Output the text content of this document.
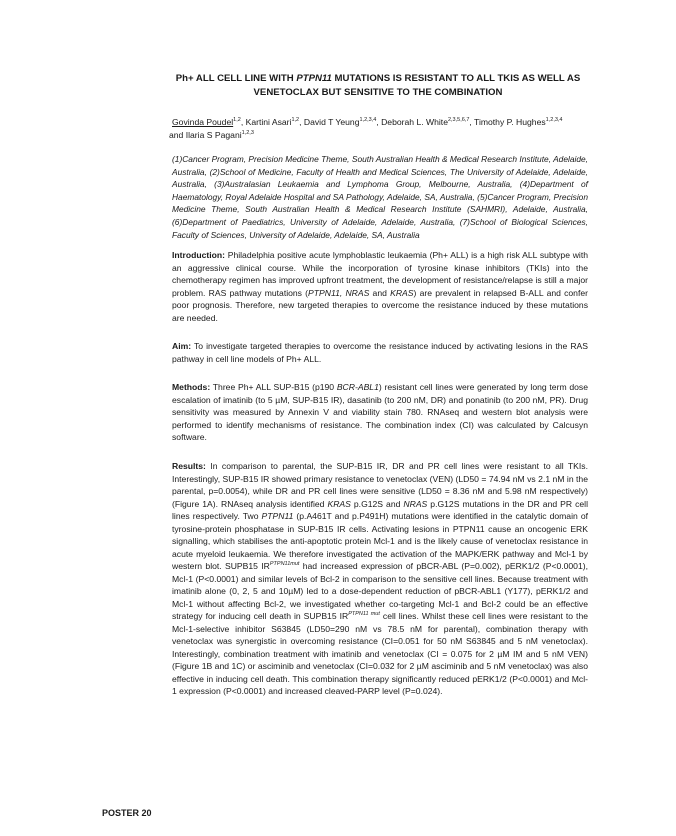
Ph+ ALL CELL LINE WITH PTPN11 MUTATIONS IS RESISTANT TO ALL TKIS AS WELL AS VENETOCLAX BUT SENSITIVE TO THE COMBINATION
Govinda Poudel$^{1,2}$, Kartini Asari$^{1,2}$, David T Yeung$^{1,2,3,4}$, Deborah L. White$^{2,3,5,6,7}$, Timothy P. Hughes$^{1,2,3,4}$
and Ilaria S Pagani$^{1,2,3}$
(1)Cancer Program, Precision Medicine Theme, South Australian Health & Medical Research Institute, Adelaide, Australia, (2)School of Medicine, Faculty of Health and Medical Sciences, The University of Adelaide, Adelaide, Australia, (3)Australasian Leukaemia and Lymphoma Group, Melbourne, Australia, (4)Department of Haematology, Royal Adelaide Hospital and SA Pathology, Adelaide, SA, Australia, (5)Cancer Program, Precision Medicine Theme, South Australian Health & Medical Research Institute (SAHMRI), Adelaide, Australia, (6)Department of Paediatrics, University of Adelaide, Adelaide, Australia, (7)School of Biological Sciences, Faculty of Sciences, University of Adelaide, Adelaide, SA, Australia
Introduction: Philadelphia positive acute lymphoblastic leukaemia (Ph+ ALL) is a high risk ALL subtype with an aggressive clinical course. While the incorporation of tyrosine kinase inhibitors (TKIs) into the chemotherapy regimen has improved upfront treatment, the development of resistance/relapse is still a major problem. RAS pathway mutations (PTPN11, NRAS and KRAS) are prevalent in relapsed B-ALL and confer poor prognosis. Therefore, new targeted therapies to overcome the resistance induced by these mutations are needed.
Aim: To investigate targeted therapies to overcome the resistance induced by activating lesions in the RAS pathway in cell line models of Ph+ ALL.
Methods: Three Ph+ ALL SUP-B15 (p190 BCR-ABL1) resistant cell lines were generated by long term dose escalation of imatinib (to 5 µM, SUP-B15 IR), dasatinib (to 200 nM, DR) and ponatinib (to 200 nM, PR). Drug sensitivity was measured by Annexin V and viability stain 780. RNAseq and western blot analysis were performed to identify mechanisms of resistance. The combination index (CI) was calculated by Calcusyn software.
Results: In comparison to parental, the SUP-B15 IR, DR and PR cell lines were resistant to all TKIs. Interestingly, SUP-B15 IR showed primary resistance to venetoclax (VEN) (LD50 = 74.94 nM vs 2.1 nM in the parental, p=0.0054), while DR and PR cell lines were sensitive (LD50 = 8.36 nM and 5.98 nM respectively) (Figure 1A). RNAseq analysis identified KRAS p.G12S and NRAS p.G12S mutations in the DR and PR cell lines respectively. Two PTPN11 (p.A461T and p.P491H) mutations were identified in the catalytic domain of tyrosine-protein phosphatase in SUP-B15 IR cells. Activating lesions in PTPN11 cause an oncogenic ERK signalling, which stabilises the anti-apoptotic protein Mcl-1 and is the likely cause of venetoclax resistance in acute myeloid leukaemia. We therefore investigated the activation of the MAPK/ERK pathway and Mcl-1 by western blot. SUPB15 $IR^{PTPN11mut}$ had increased expression of pBCR-ABL (P=0.002), pERK1/2 (P<0.0001), Mcl-1 (P<0.0001) and similar levels of Bcl-2 in comparison to the sensitive cell lines. Because treatment with imatinib alone (0, 2, 5 and 10µM) led to a dose-dependent reduction of pBCR-ABL1 (Y177), pERK1/2 and Mcl-1 without affecting Bcl-2, we investigated whether co-targeting Mcl-1 and Bcl-2 could be an effective strategy for inducing cell death in SUPB15 $IR^{PTPN11 mut}$ cell lines. Whilst these cell lines were resistant to the Mcl-1-selective inhibitor S63845 (LD50=290 nM vs 78.5 nM for parental), combination therapy with venetoclax was synergistic in overcoming resistance (CI=0.051 for 50 nM S63845 and 5 nM venetoclax). Interestingly, combination treatment with imatinib and venetoclax (CI = 0.075 for 2 µM IM and 5 nM VEN) (Figure 1B and 1C) or asciminib and venetoclax (CI=0.032 for 2 µM asciminib and 5 nM venetoclax) was also effective in inducing cell death. This combination therapy significantly reduced pERK1/2 (P<0.0001) and Mcl-1 expression (P<0.0001) and increased cleaved-PARP level (P=0.024).
POSTER 20
